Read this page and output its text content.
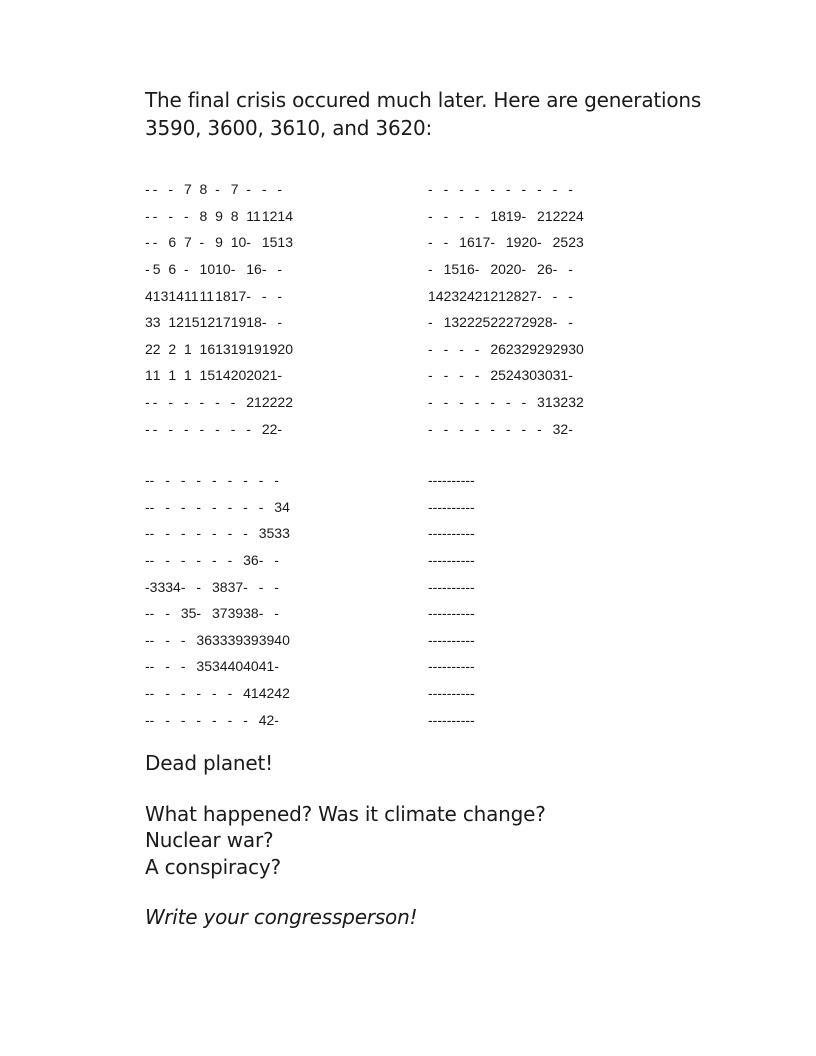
The final crisis occured much later. Here are generations
3590, 3600, 3610, and 3620:

-	-	-	7	8	-	7	-	-	-
-	-	-	-	8	9	8	11	12	14
-	-	6	7	-	9	10	-	15	13
-	5	6	-	10	10	-	16	-	-
4	13	14	11	11	18	17	-	-	-
3	3	12	15	12	17	19	18	-	-
2	2	2	1	16	13	19	19	19	20
1	1	1	1	15	14	20	20	21	-
-	-	-	-	-	-	-	21	22	22
-	-	-	-	-	-	-	-	22	-
-	-	-	-	-	-	-	-	-	-
-	-	-	-	18	19	-	21	22	24
-	-	16	17	-	19	20	-	25	23
-	15	16	-	20	20	-	26	-	-
14	23	24	21	21	28	27	-	-	-
-	13	22	25	22	27	29	28	-	-
-	-	-	-	26	23	29	29	29	30
-	-	-	-	25	24	30	30	31	-
-	-	-	-	-	-	-	31	32	32
-	-	-	-	-	-	-	-	32	-
-	-	-	-	-	-	-	-	-	-
-	-	-	-	-	-	-	-	-	34
-	-	-	-	-	-	-	-	35	33
-	-	-	-	-	-	-	36	-	-
-	33	34	-	-	38	37	-	-	-
-	-	-	35	-	37	39	38	-	-
-	-	-	-	36	33	39	39	39	40
-	-	-	-	35	34	40	40	41	-
-	-	-	-	-	-	-	41	42	42
-	-	-	-	-	-	-	-	42	-
-	-	-	-	-	-	-	-	-	-
-	-	-	-	-	-	-	-	-	-
-	-	-	-	-	-	-	-	-	-
-	-	-	-	-	-	-	-	-	-
-	-	-	-	-	-	-	-	-	-
-	-	-	-	-	-	-	-	-	-
-	-	-	-	-	-	-	-	-	-
-	-	-	-	-	-	-	-	-	-
-	-	-	-	-	-	-	-	-	-
-	-	-	-	-	-	-	-	-	-

Dead planet!

What happened? Was it climate change?

Nuclear war?

A conspiracy?

Write your congressperson!
